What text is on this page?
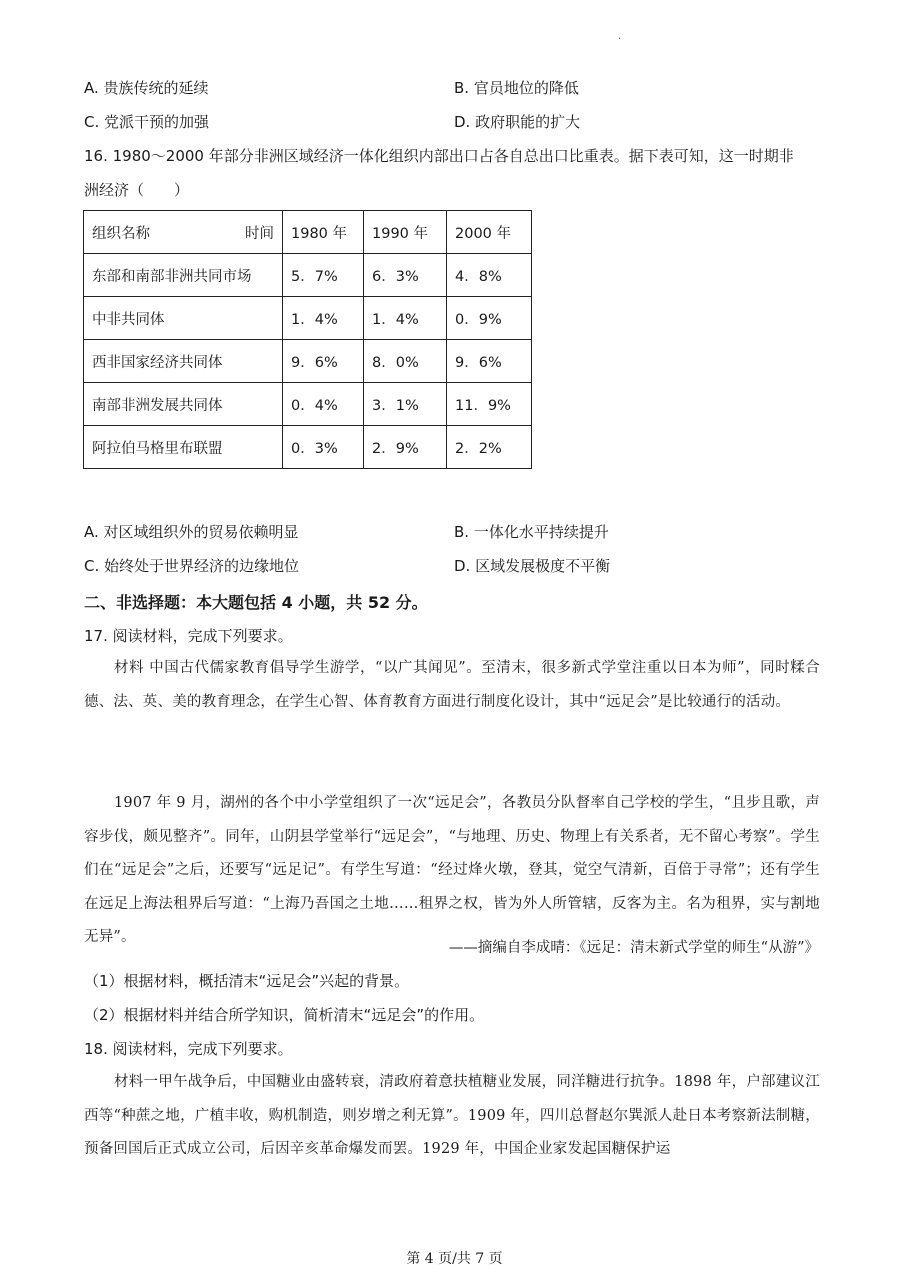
·
A. 贵族传统的延续	B. 官员地位的降低
C. 党派干预的加强	D. 政府职能的扩大
16. 1980～2000 年部分非洲区域经济一体化组织内部出口占各自总出口比重表。据下表可知，这一时期非
洲经济（　　）
组织名称 时间	1980 年	1990 年	2000 年
东部和南部非洲共同市场	5．7%	6．3%	4．8%
中非共同体	1．4%	1．4%	0．9%
西非国家经济共同体	9．6%	8．0%	9．6%
南部非洲发展共同体	0．4%	3．1%	11．9%
阿拉伯马格里布联盟	0．3%	2．9%	2．2%
A. 对区域组织外的贸易依赖明显	B. 一体化水平持续提升
C. 始终处于世界经济的边缘地位	D. 区域发展极度不平衡
二、非选择题：本大题包括 4 小题，共 52 分。
17. 阅读材料，完成下列要求。
材料 中国古代儒家教育倡导学生游学，“以广其闻见”。至清末，很多新式学堂注重以日本为师”，同时糅合德、法、英、美的教育理念，在学生心智、体育教育方面进行制度化设计，其中“远足会”是比较通行的活动。
1907 年 9 月，湖州的各个中小学堂组织了一次“远足会”，各教员分队督率自己学校的学生，“且步且歌，声容步伐，颇见整齐”。同年，山阴县学堂举行“远足会”，“与地理、历史、物理上有关系者，无不留心考察”。学生们在“远足会”之后，还要写“远足记”。有学生写道：“经过烽火墩，登其，觉空气清新，百倍于寻常”；还有学生在远足上海法租界后写道：“上海乃吾国之土地……租界之权，皆为外人所管辖，反客为主。名为租界，实与割地无异”。
——摘编自李成晴：《远足：清末新式学堂的师生“从游”》
（1）根据材料，概括清末“远足会”兴起的背景。
（2）根据材料并结合所学知识，简析清末“远足会”的作用。
18. 阅读材料，完成下列要求。
材料一甲午战争后，中国糖业由盛转衰，清政府着意扶植糖业发展，同洋糖进行抗争。1898 年，户部建议江西等“种蔗之地，广植丰收，购机制造，则岁增之利无算”。1909 年，四川总督赵尔巽派人赴日本考察新法制糖，预备回国后正式成立公司，后因辛亥革命爆发而罢。1929 年，中国企业家发起国糖保护运
第 4 页/共 7 页
